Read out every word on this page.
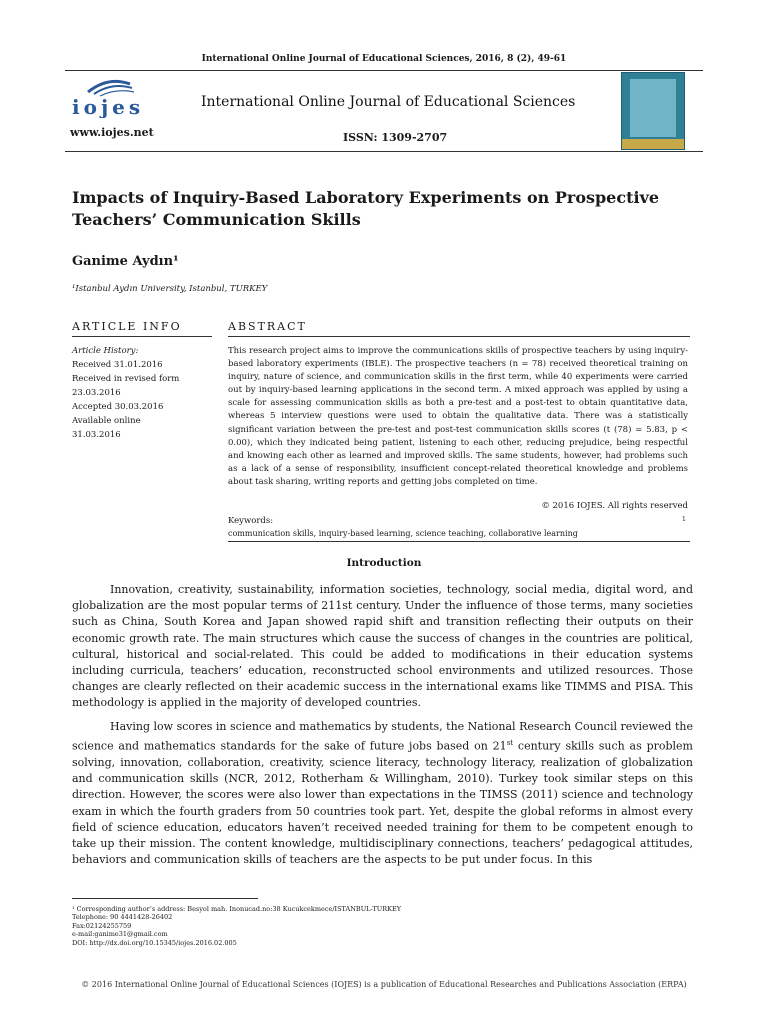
International Online Journal of Educational Sciences, 2016, 8 (2), 49-61
iojes
www.iojes.net
International Online Journal of Educational Sciences
ISSN: 1309-2707
Impacts of Inquiry-Based Laboratory Experiments on Prospective Teachers’ Communication Skills
Ganime Aydın¹
¹Istanbul Aydın University, Istanbul, TURKEY
ARTICLE INFO	ABSTRACT
Article History:
Received 31.01.2016
Received in revised form
23.03.2016
Accepted 30.03.2016
Available online
31.03.2016
This research project aims to improve the communications skills of prospective teachers by using inquiry-based laboratory experiments (IBLE). The prospective teachers (n = 78) received theoretical training on inquiry, nature of science, and communication skills in the first term, while 40 experiments were carried out by inquiry-based learning applications in the second term. A mixed approach was applied by using a scale for assessing communication skills as both a pre-test and a post-test to obtain quantitative data, whereas 5 interview questions were used to obtain the qualitative data. There was a statistically significant variation between the pre-test and post-test communication skills scores (t (78) = 5.83, p < 0.00), which they indicated being patient, listening to each other, reducing prejudice, being respectful and knowing each other as learned and improved skills. The same students, however, had problems such as a lack of a sense of responsibility, insufficient concept-related theoretical knowledge and problems about task sharing, writing reports and getting jobs completed on time.
© 2016 IOJES. All rights reserved
Keywords:	1
communication skills, inquiry-based learning, science teaching, collaborative learning
Introduction

Innovation, creativity, sustainability, information societies, technology, social media, digital word, and globalization are the most popular terms of 211st century. Under the influence of those terms, many societies such as China, South Korea and Japan showed rapid shift and transition reflecting their outputs on their economic growth rate. The main structures which cause the success of changes in the countries are political, cultural, historical and social-related. This could be added to modifications in their education systems including curricula, teachers’ education, reconstructed school environments and utilized resources. Those changes are clearly reflected on their academic success in the international exams like TIMMS and PISA. This methodology is applied in the majority of developed countries.

Having low scores in science and mathematics by students, the National Research Council reviewed the science and mathematics standards for the sake of future jobs based on 21st century skills such as problem solving, innovation, collaboration, creativity, science literacy, technology literacy, realization of globalization and communication skills (NCR, 2012, Rotherham & Willingham, 2010). Turkey took similar steps on this direction. However, the scores were also lower than expectations in the TIMSS (2011) science and technology exam in which the fourth graders from 50 countries took part. Yet, despite the global reforms in almost every field of science education, educators haven’t received needed training for them to be competent enough to take up their mission. The content knowledge, multidisciplinary connections, teachers’ pedagogical attitudes, behaviors and communication skills of teachers are the aspects to be put under focus. In this

¹ Corresponding author’s address: Besyol mah. Inonucad.no:38 Kucukcekmece/ISTANBUL-TURKEY
Telephone: 90 4441428-26402
Fax:02124255759
e-mail:ganime31@gmail.com
DOI: http://dx.doi.org/10.15345/iojes.2016.02.005
© 2016 International Online Journal of Educational Sciences (IOJES) is a publication of Educational Researches and Publications Association (ERPA)
